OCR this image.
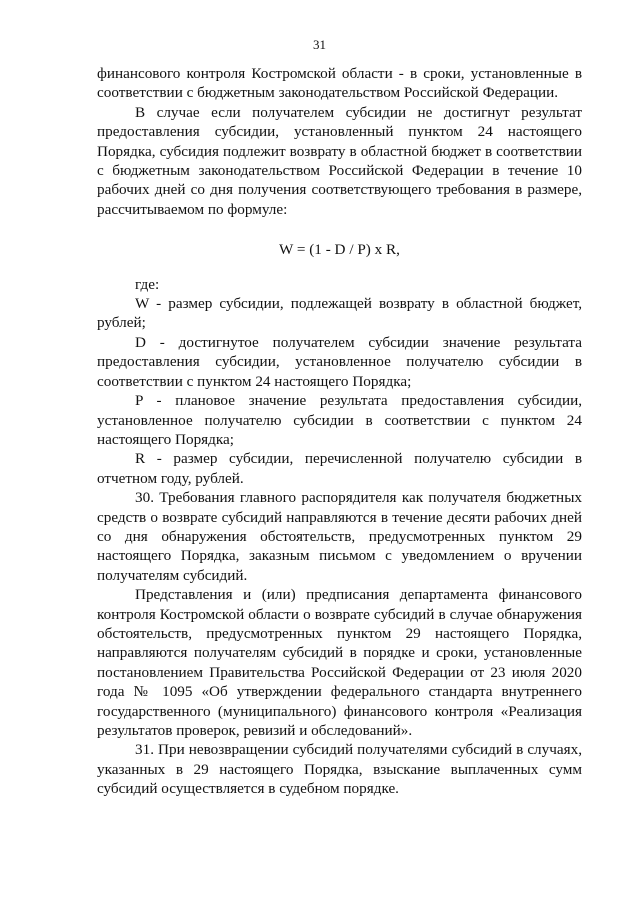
31

финансового контроля Костромской области - в сроки, установленные в соответствии с бюджетным законодательством Российской Федерации.

В случае если получателем субсидии не достигнут результат предоставления субсидии, установленный пунктом 24 настоящего Порядка, субсидия подлежит возврату в областной бюджет в соответствии с бюджетным законодательством Российской Федерации в течение 10 рабочих дней со дня получения соответствующего требования в размере, рассчитываемом по формуле:

W = (1 - D / P) x R,

где:

W - размер субсидии, подлежащей возврату в областной бюджет, рублей;

D - достигнутое получателем субсидии значение результата предоставления субсидии, установленное получателю субсидии в соответствии с пунктом 24 настоящего Порядка;

P - плановое значение результата предоставления субсидии, установленное получателю субсидии в соответствии с пунктом 24 настоящего Порядка;

R - размер субсидии, перечисленной получателю субсидии в отчетном году, рублей.

30. Требования главного распорядителя как получателя бюджетных средств о возврате субсидий направляются в течение десяти рабочих дней со дня обнаружения обстоятельств, предусмотренных пунктом 29 настоящего Порядка, заказным письмом с уведомлением о вручении получателям субсидий.

Представления и (или) предписания департамента финансового контроля Костромской области о возврате субсидий в случае обнаружения обстоятельств, предусмотренных пунктом 29 настоящего Порядка, направляются получателям субсидий в порядке и сроки, установленные постановлением Правительства Российской Федерации от 23 июля 2020 года № 1095 «Об утверждении федерального стандарта внутреннего государственного (муниципального) финансового контроля «Реализация результатов проверок, ревизий и обследований».

31. При невозвращении субсидий получателями субсидий в случаях, указанных в 29 настоящего Порядка, взыскание выплаченных сумм субсидий осуществляется в судебном порядке.
